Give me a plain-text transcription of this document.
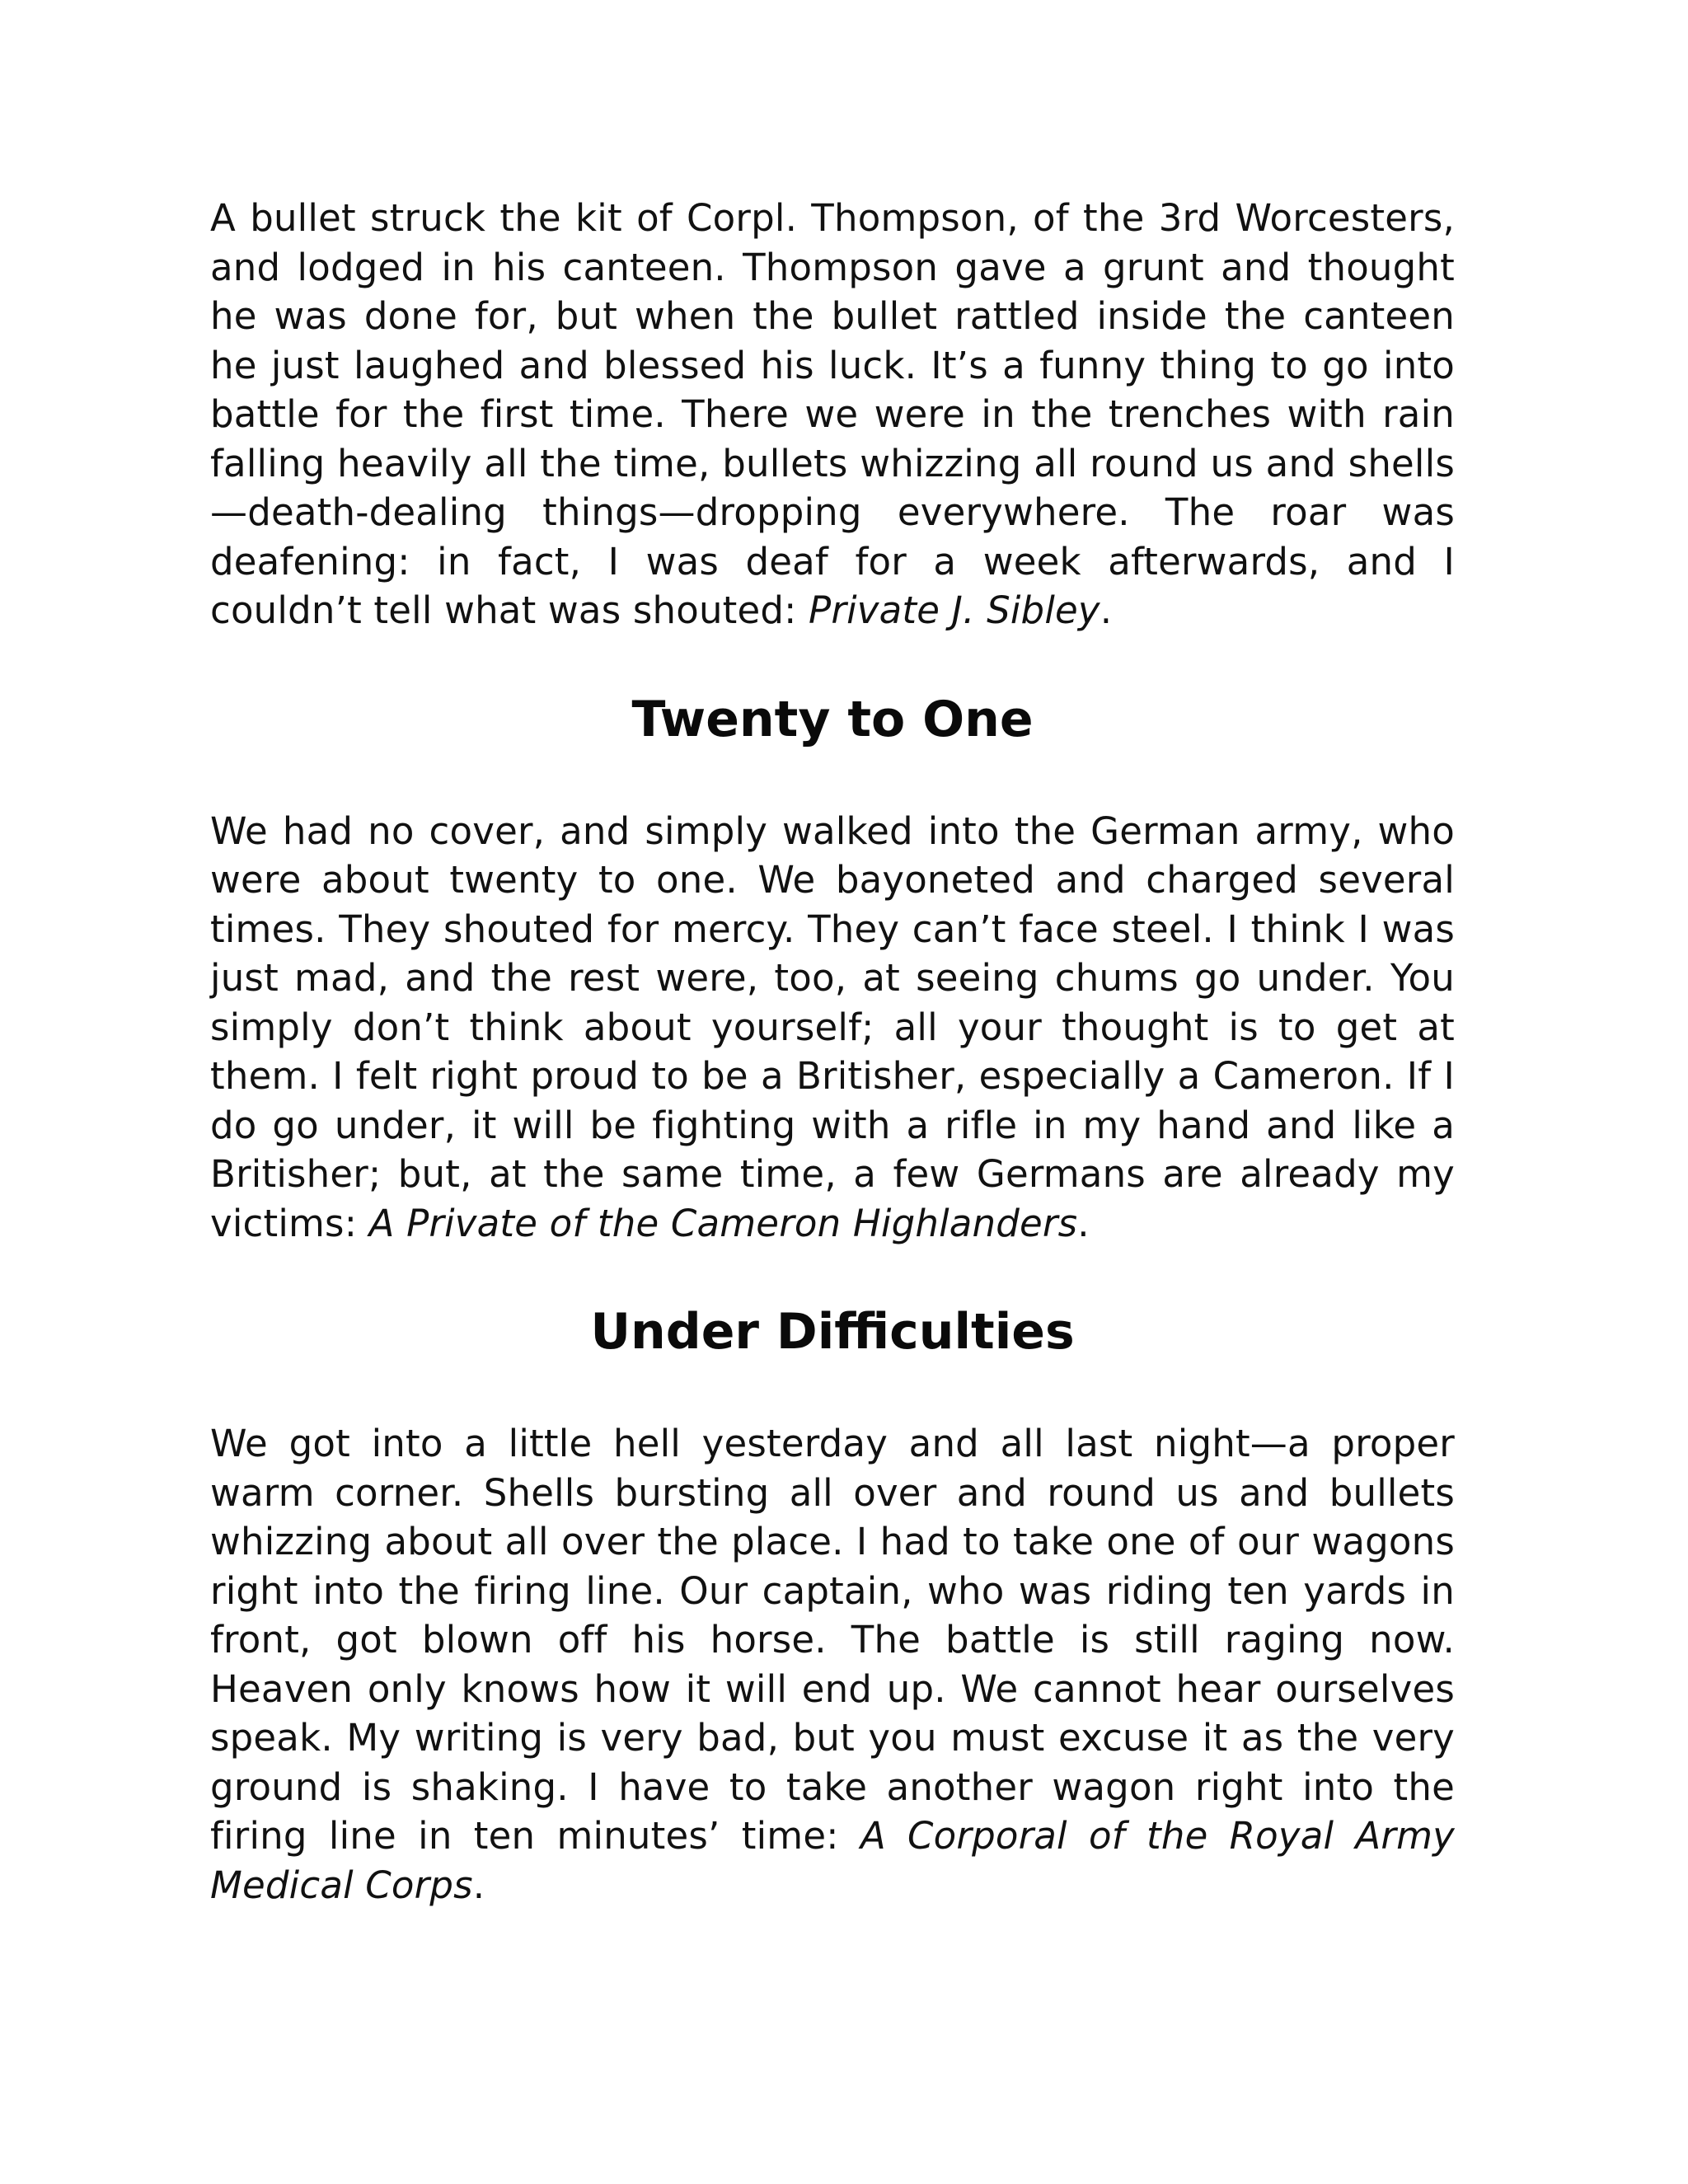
A bullet struck the kit of Corpl. Thompson, of the 3rd Worcesters, and lodged in his canteen. Thompson gave a grunt and thought he was done for, but when the bullet rattled inside the canteen he just laughed and blessed his luck. It’s a funny thing to go into battle for the first time. There we were in the trenches with rain falling heavily all the time, bullets whizzing all round us and shells—death-dealing things—dropping everywhere. The roar was deafening: in fact, I was deaf for a week afterwards, and I couldn’t tell what was shouted: Private J. Sibley.

Twenty to One

We had no cover, and simply walked into the German army, who were about twenty to one. We bayoneted and charged several times. They shouted for mercy. They can’t face steel. I think I was just mad, and the rest were, too, at seeing chums go under. You simply don’t think about yourself; all your thought is to get at them. I felt right proud to be a Britisher, especially a Cameron. If I do go under, it will be fighting with a rifle in my hand and like a Britisher; but, at the same time, a few Germans are already my victims: A Private of the Cameron Highlanders.

Under Difficulties

We got into a little hell yesterday and all last night—a proper warm corner. Shells bursting all over and round us and bullets whizzing about all over the place. I had to take one of our wagons right into the firing line. Our captain, who was riding ten yards in front, got blown off his horse. The battle is still raging now. Heaven only knows how it will end up. We cannot hear ourselves speak. My writing is very bad, but you must excuse it as the very ground is shaking. I have to take another wagon right into the firing line in ten minutes’ time: A Corporal of the Royal Army Medical Corps.
